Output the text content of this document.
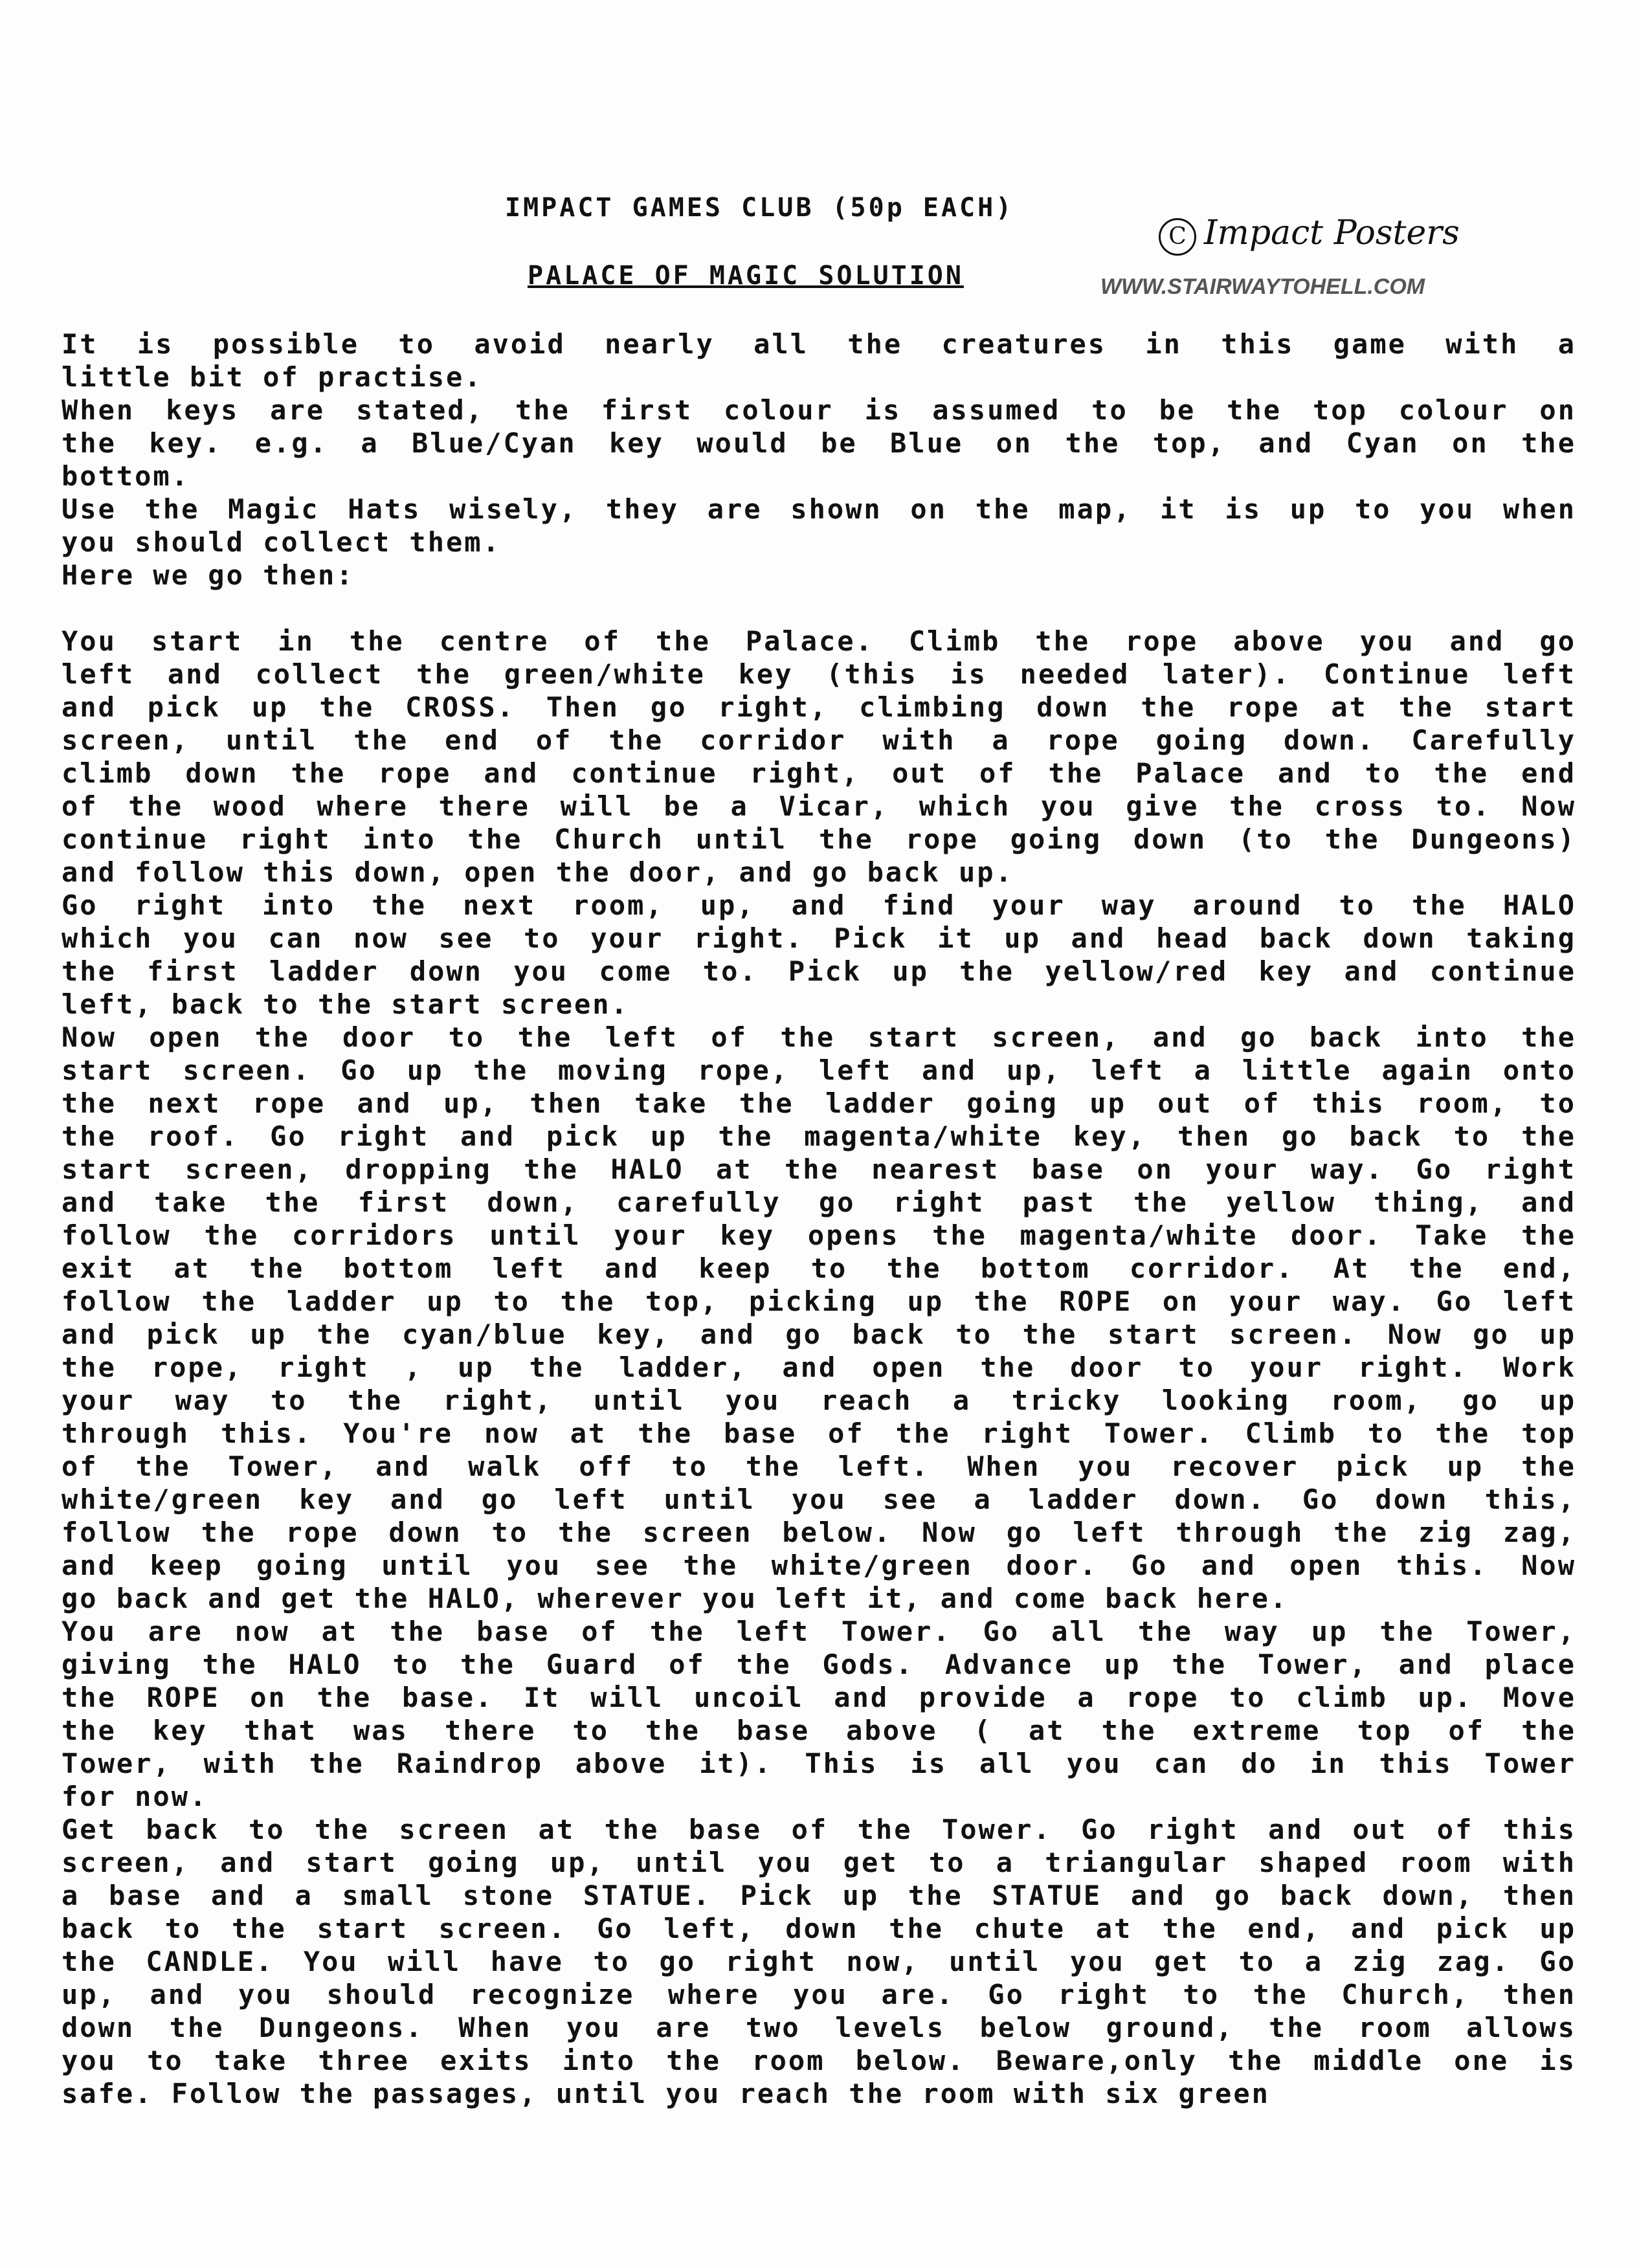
IMPACT GAMES CLUB (50p EACH)
PALACE OF MAGIC SOLUTION
C Impact Posters
WWW.STAIRWAYTOHELL.COM
It is possible to avoid nearly all the creatures in this game with a
little bit of practise.
When keys are stated, the first colour is assumed to be the top colour on
the key. e.g. a Blue/Cyan key would be Blue on the top, and Cyan on the
bottom.
Use the Magic Hats wisely, they are shown on the map, it is up to you when
you should collect them.
Here we go then:
You start in the centre of the Palace. Climb the rope above you and go
left and collect the green/white key (this is needed later). Continue left
and pick up the CROSS. Then go right, climbing down the rope at the start
screen, until the end of the corridor with a rope going down. Carefully
climb down the rope and continue right, out of the Palace and to the end
of the wood where there will be a Vicar, which you give the cross to. Now
continue right into the Church until the rope going down (to the Dungeons)
and follow this down, open the door, and go back up.
Go right into the next room, up, and find your way around to the HALO
which you can now see to your right. Pick it up and head back down taking
the first ladder down you come to. Pick up the yellow/red key and continue
left, back to the start screen.
Now open the door to the left of the start screen, and go back into the
start screen. Go up the moving rope, left and up, left a little again onto
the next rope and up, then take the ladder going up out of this room, to
the roof. Go right and pick up the magenta/white key, then go back to the
start screen, dropping the HALO at the nearest base on your way. Go right
and take the first down, carefully go right past the yellow thing, and
follow the corridors until your key opens the magenta/white door. Take the
exit at the bottom left and keep to the bottom corridor. At the end,
follow the ladder up to the top, picking up the ROPE on your way. Go left
and pick up the cyan/blue key, and go back to the start screen. Now go up
the rope, right , up the ladder, and open the door to your right. Work
your way to the right, until you reach a tricky looking room, go up
through this. You're now at the base of the right Tower. Climb to the top
of the Tower, and walk off to the left. When you recover pick up the
white/green key and go left until you see a ladder down. Go down this,
follow the rope down to the screen below. Now go left through the zig zag,
and keep going until you see the white/green door. Go and open this. Now
go back and get the HALO, wherever you left it, and come back here.
You are now at the base of the left Tower. Go all the way up the Tower,
giving the HALO to the Guard of the Gods. Advance up the Tower, and place
the ROPE on the base. It will uncoil and provide a rope to climb up. Move
the key that was there to the base above ( at the extreme top of the
Tower, with the Raindrop above it). This is all you can do in this Tower
for now.
Get back to the screen at the base of the Tower. Go right and out of this
screen, and start going up, until you get to a triangular shaped room with
a base and a small stone STATUE. Pick up the STATUE and go back down, then
back to the start screen. Go left, down the chute at the end, and pick up
the CANDLE. You will have to go right now, until you get to a zig zag. Go
up, and you should recognize where you are. Go right to the Church, then
down the Dungeons. When you are two levels below ground, the room allows
you to take three exits into the room below. Beware,only the middle one is
safe. Follow the passages, until you reach the room with six green
